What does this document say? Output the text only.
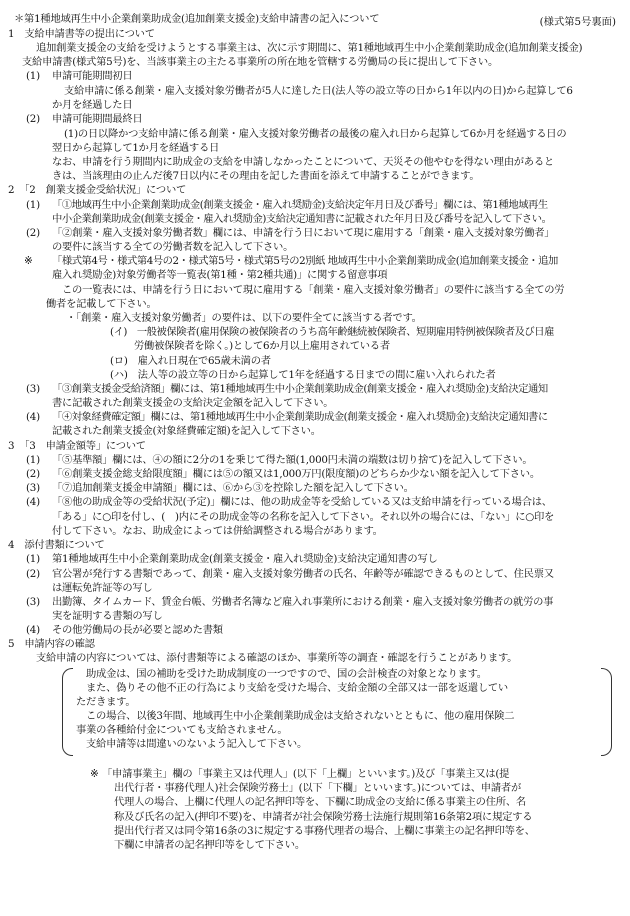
＊第1種地域再生中小企業創業助成金(追加創業支援金)支給申請書の記入について	(様式第5号裏面)
1　支給申請書等の提出について
追加創業支援金の支給を受けようとする事業主は、次に示す期間に、第1種地域再生中小企業創業助成金(追加創業支援金)
支給申請書(様式第5号)を、当該事業主の主たる事業所の所在地を管轄する労働局の長に提出して下さい。
(1) 申請可能期間初日
支給申請に係る創業・雇入支援対象労働者が5人に達した日(法人等の設立等の日から1年以内の日)から起算して6
か月を経過した日
(2) 申請可能期間最終日
(1)の日以降かつ支給申請に係る創業・雇入支援対象労働者の最後の雇入れ日から起算して6か月を経過する日の
翌日から起算して1か月を経過する日
なお、申請を行う期間内に助成金の支給を申請しなかったことについて、天災その他やむを得ない理由があると
きは、当該理由の止んだ後7日以内にその理由を記した書面を添えて申請することができます。
2　「2　創業支援金受給状況」について
(1) 「①地域再生中小企業創業助成金(創業支援金・雇入れ奨励金)支給決定年月日及び番号」欄には、第1種地域再生
中小企業創業助成金(創業支援金・雇入れ奨励金)支給決定通知書に記載された年月日及び番号を記入して下さい。
(2) 「②創業・雇入支援対象労働者数」欄には、申請を行う日において現に雇用する「創業・雇入支援対象労働者」
の要件に該当する全ての労働者数を記入して下さい。
※ 「様式第4号・様式第4号の2・様式第5号・様式第5号の2別紙 地域再生中小企業創業助成金(追加創業支援金・追加
雇入れ奨励金)対象労働者等一覧表(第1種・第2種共通)」に関する留意事項
この一覧表には、申請を行う日において現に雇用する「創業・雇入支援対象労働者」の要件に該当する全ての労
働者を記載して下さい。
・「創業・雇入支援対象労働者」の要件は、以下の要件全てに該当する者です。
(イ)　一般被保険者(雇用保険の被保険者のうち高年齢継続被保険者、短期雇用特例被保険者及び日雇
労働被保険者を除く。)として6か月以上雇用されている者
(ロ)　雇入れ日現在で65歳未満の者
(ハ)　法人等の設立等の日から起算して1年を経過する日までの間に雇い入れられた者
(3) 「③創業支援金受給済額」欄には、第1種地域再生中小企業創業助成金(創業支援金・雇入れ奨励金)支給決定通知
書に記載された創業支援金の支給決定金額を記入して下さい。
(4) 「④対象経費確定額」欄には、第1種地域再生中小企業創業助成金(創業支援金・雇入れ奨励金)支給決定通知書に
記載された創業支援金(対象経費確定額)を記入して下さい。
3　「3　申請金額等」について
(1) 「⑤基準額」欄には、④の額に2分の1を乗じて得た額(1,000円未満の端数は切り捨て)を記入して下さい。
(2) 「⑥創業支援金総支給限度額」欄には⑤の額又は1,000万円(限度額)のどちらか少ない額を記入して下さい。
(3) 「⑦追加創業支援金申請額」欄には、⑥から③を控除した額を記入して下さい。
(4) 「⑧他の助成金等の受給状況(予定)」欄には、他の助成金等を受給している又は支給申請を行っている場合は、
「ある」に○印を付し、(　)内にその助成金等の名称を記入して下さい。それ以外の場合には、「ない」に○印を
付して下さい。なお、助成金によっては併給調整される場合があります。
4　添付書類について
(1) 第1種地域再生中小企業創業助成金(創業支援金・雇入れ奨励金)支給決定通知書の写し
(2) 官公署が発行する書類であって、創業・雇入支援対象労働者の氏名、年齢等が確認できるものとして、住民票又
は運転免許証等の写し
(3) 出勤簿、タイムカード、賃金台帳、労働者名簿など雇入れ事業所における創業・雇入支援対象労働者の就労の事
実を証明する書類の写し
(4) その他労働局の長が必要と認めた書類
5　申請内容の確認
支給申請の内容については、添付書類等による確認のほか、事業所等の調査・確認を行うことがあります。
助成金は、国の補助を受けた助成制度の一つですので、国の会計検査の対象となります。
また、偽りその他不正の行為により支給を受けた場合、支給金額の全部又は一部を返還してい
ただきます。
この場合、以後3年間、地域再生中小企業創業助成金は支給されないとともに、他の雇用保険二
事業の各種給付金についても支給されません。
支給申請等は間違いのないよう記入して下さい。
※ 「申請事業主」欄の「事業主又は代理人」(以下「上欄」といいます。)及び「事業主又は(提
出代行者・事務代理人)社会保険労務士」(以下「下欄」といいます。)については、申請者が
代理人の場合、上欄に代理人の記名押印等を、下欄に助成金の支給に係る事業主の住所、名
称及び氏名の記入(押印不要)を、申請者が社会保険労務士法施行規則第16条第2項に規定する
提出代行者又は同令第16条の3に規定する事務代理者の場合、上欄に事業主の記名押印等を、
下欄に申請者の記名押印等をして下さい。
